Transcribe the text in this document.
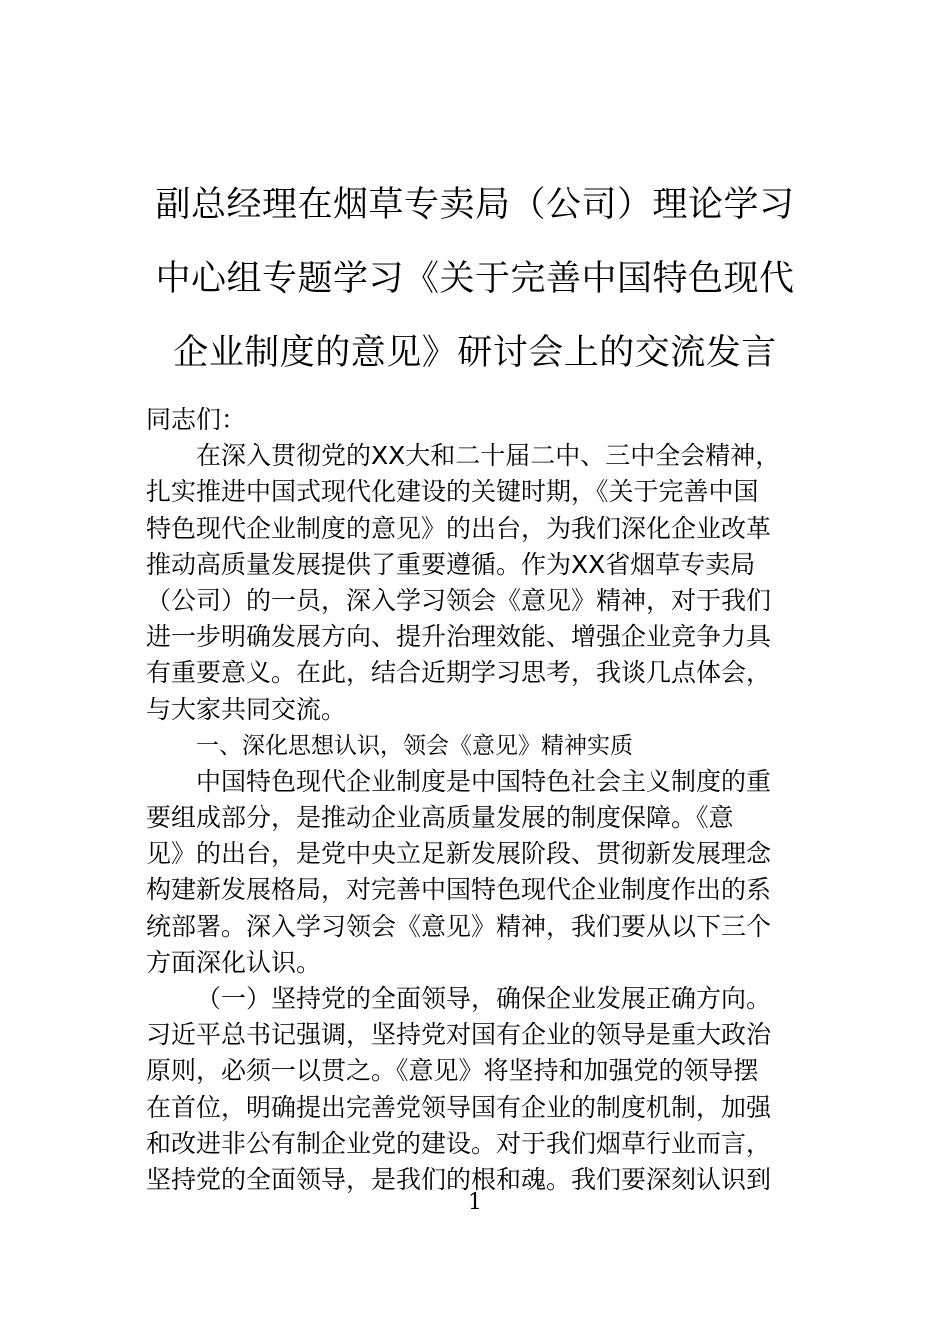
副总经理在烟草专卖局（公司）理论学习
中心组专题学习《关于完善中国特色现代
企业制度的意见》研讨会上的交流发言
同志们：
在深入贯彻党的XX大和二十届二中、三中全会精神，
扎实推进中国式现代化建设的关键时期，《关于完善中国
特色现代企业制度的意见》的出台，为我们深化企业改革
推动高质量发展提供了重要遵循。作为XX省烟草专卖局
（公司）的一员，深入学习领会《意见》精神，对于我们
进一步明确发展方向、提升治理效能、增强企业竞争力具
有重要意义。在此，结合近期学习思考，我谈几点体会，
与大家共同交流。
一、深化思想认识，领会《意见》精神实质
中国特色现代企业制度是中国特色社会主义制度的重
要组成部分，是推动企业高质量发展的制度保障。《意
见》的出台，是党中央立足新发展阶段、贯彻新发展理念
构建新发展格局，对完善中国特色现代企业制度作出的系
统部署。深入学习领会《意见》精神，我们要从以下三个
方面深化认识。
（一）坚持党的全面领导，确保企业发展正确方向。
习近平总书记强调，坚持党对国有企业的领导是重大政治
原则，必须一以贯之。《意见》将坚持和加强党的领导摆
在首位，明确提出完善党领导国有企业的制度机制，加强
和改进非公有制企业党的建设。对于我们烟草行业而言，
坚持党的全面领导，是我们的根和魂。我们要深刻认识到
1
